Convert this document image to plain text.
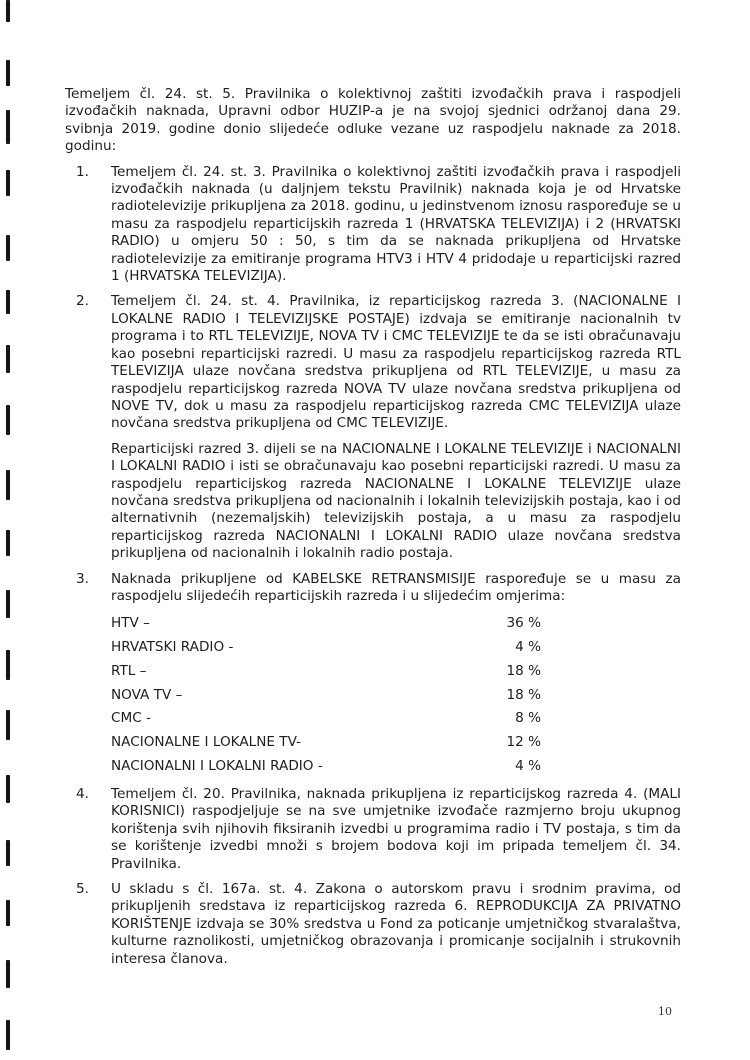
Temeljem čl. 24. st. 5. Pravilnika o kolektivnoj zaštiti izvođačkih prava i raspodjeli izvođačkih naknada, Upravni odbor HUZIP-a je na svojoj sjednici održanoj dana 29. svibnja 2019. godine donio slijedeće odluke vezane uz raspodjelu naknade za 2018. godinu:

1. Temeljem čl. 24. st. 3. Pravilnika o kolektivnoj zaštiti izvođačkih prava i raspodjeli izvođačkih naknada (u daljnjem tekstu Pravilnik) naknada koja je od Hrvatske radiotelevizije prikupljena za 2018. godinu, u jedinstvenom iznosu raspoređuje se u masu za raspodjelu reparticijskih razreda 1 (HRVATSKA TELEVIZIJA) i 2 (HRVATSKI RADIO) u omjeru 50 : 50, s tim da se naknada prikupljena od Hrvatske radiotelevizije za emitiranje programa HTV3 i HTV 4 pridodaje u reparticijski razred 1 (HRVATSKA TELEVIZIJA).

2. Temeljem čl. 24. st. 4. Pravilnika, iz reparticijskog razreda 3. (NACIONALNE I LOKALNE RADIO I TELEVIZIJSKE POSTAJE) izdvaja se emitiranje nacionalnih tv programa i to RTL TELEVIZIJE, NOVA TV i CMC TELEVIZIJE te da se isti obračunavaju kao posebni reparticijski razredi. U masu za raspodjelu reparticijskog razreda RTL TELEVIZIJA ulaze novčana sredstva prikupljena od RTL TELEVIZIJE, u masu za raspodjelu reparticijskog razreda NOVA TV ulaze novčana sredstva prikupljena od NOVE TV, dok u masu za raspodjelu reparticijskog razreda CMC TELEVIZIJA ulaze novčana sredstva prikupljena od CMC TELEVIZIJE.

Reparticijski razred 3. dijeli se na NACIONALNE I LOKALNE TELEVIZIJE i NACIONALNI I LOKALNI RADIO i isti se obračunavaju kao posebni reparticijski razredi. U masu za raspodjelu reparticijskog razreda NACIONALNE I LOKALNE TELEVIZIJE ulaze novčana sredstva prikupljena od nacionalnih i lokalnih televizijskih postaja, kao i od alternativnih (nezemaljskih) televizijskih postaja, a u masu za raspodjelu reparticijskog razreda NACIONALNI I LOKALNI RADIO ulaze novčana sredstva prikupljena od nacionalnih i lokalnih radio postaja.

3. Naknada prikupljene od KABELSKE RETRANSMISIJE raspoređuje se u masu za raspodjelu slijedećih reparticijskih razreda i u slijedećim omjerima:

HTV –	36 %
HRVATSKI RADIO -	4 %
RTL –	18 %
NOVA TV –	18 %
CMC -	8 %
NACIONALNE I LOKALNE TV-	12 %
NACIONALNI I LOKALNI RADIO -	4 %
4. Temeljem čl. 20. Pravilnika, naknada prikupljena iz reparticijskog razreda 4. (MALI KORISNICI) raspodjeljuje se na sve umjetnike izvođače razmjerno broju ukupnog korištenja svih njihovih fiksiranih izvedbi u programima radio i TV postaja, s tim da se korištenje izvedbi množi s brojem bodova koji im pripada temeljem čl. 34. Pravilnika.

5. U skladu s čl. 167a. st. 4. Zakona o autorskom pravu i srodnim pravima, od prikupljenih sredstava iz reparticijskog razreda 6. REPRODUKCIJA ZA PRIVATNO KORIŠTENJE izdvaja se 30% sredstva u Fond za poticanje umjetničkog stvaralaštva, kulturne raznolikosti, umjetničkog obrazovanja i promicanje socijalnih i strukovnih interesa članova.

10
